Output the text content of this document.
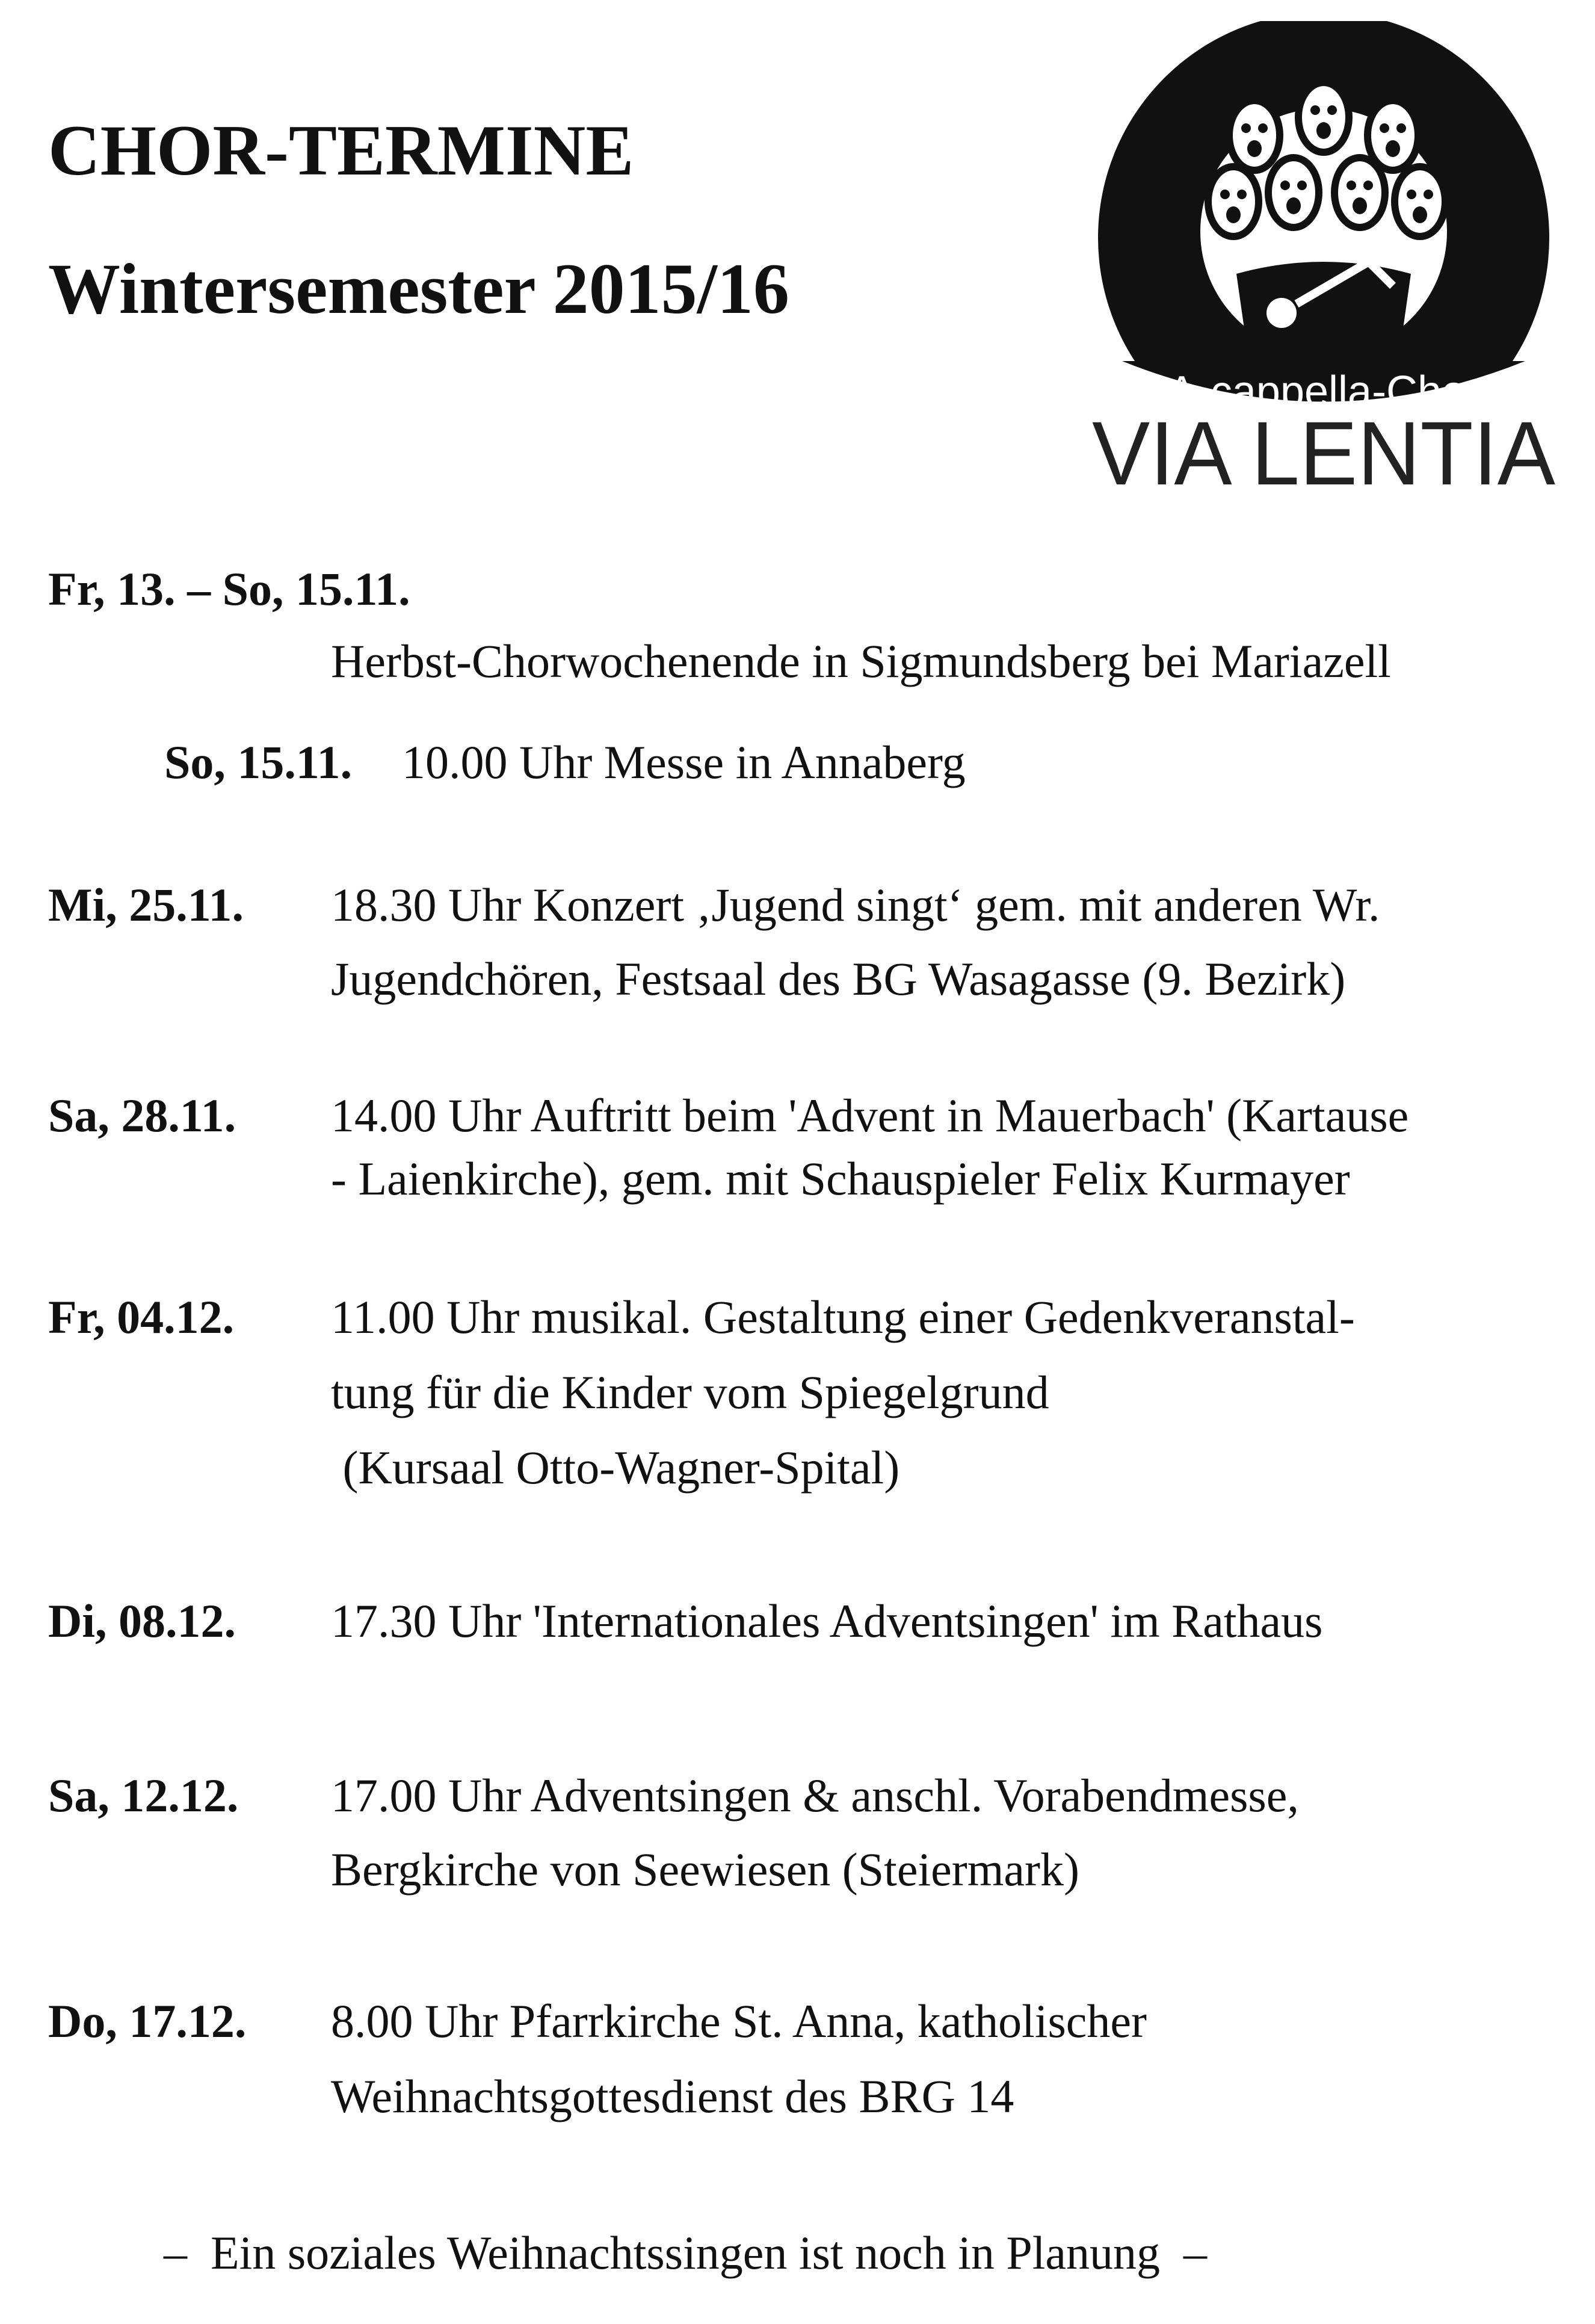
CHOR-TERMINE
Wintersemester 2015/16
A-cappella-Chor
VIA LENTIA
Fr, 13. – So, 15.11.
Herbst-Chorwochenende in Sigmundsberg bei Mariazell
So, 15.11. 10.00 Uhr Messe in Annaberg
Mi, 25.11. 18.30 Uhr Konzert ‚Jugend singt‘ gem. mit anderen Wr.
Jugendchören, Festsaal des BG Wasagasse (9. Bezirk)
Sa, 28.11. 14.00 Uhr Auftritt beim 'Advent in Mauerbach' (Kartause
- Laienkirche), gem. mit Schauspieler Felix Kurmayer
Fr, 04.12. 11.00 Uhr musikal. Gestaltung einer Gedenkveranstal-
tung für die Kinder vom Spiegelgrund
(Kursaal Otto-Wagner-Spital)
Di, 08.12. 17.30 Uhr 'Internationales Adventsingen' im Rathaus
Sa, 12.12. 17.00 Uhr Adventsingen & anschl. Vorabendmesse,
Bergkirche von Seewiesen (Steiermark)
Do, 17.12. 8.00 Uhr Pfarrkirche St. Anna, katholischer
Weihnachtsgottesdienst des BRG 14
–  Ein soziales Weihnachtssingen ist noch in Planung  –
